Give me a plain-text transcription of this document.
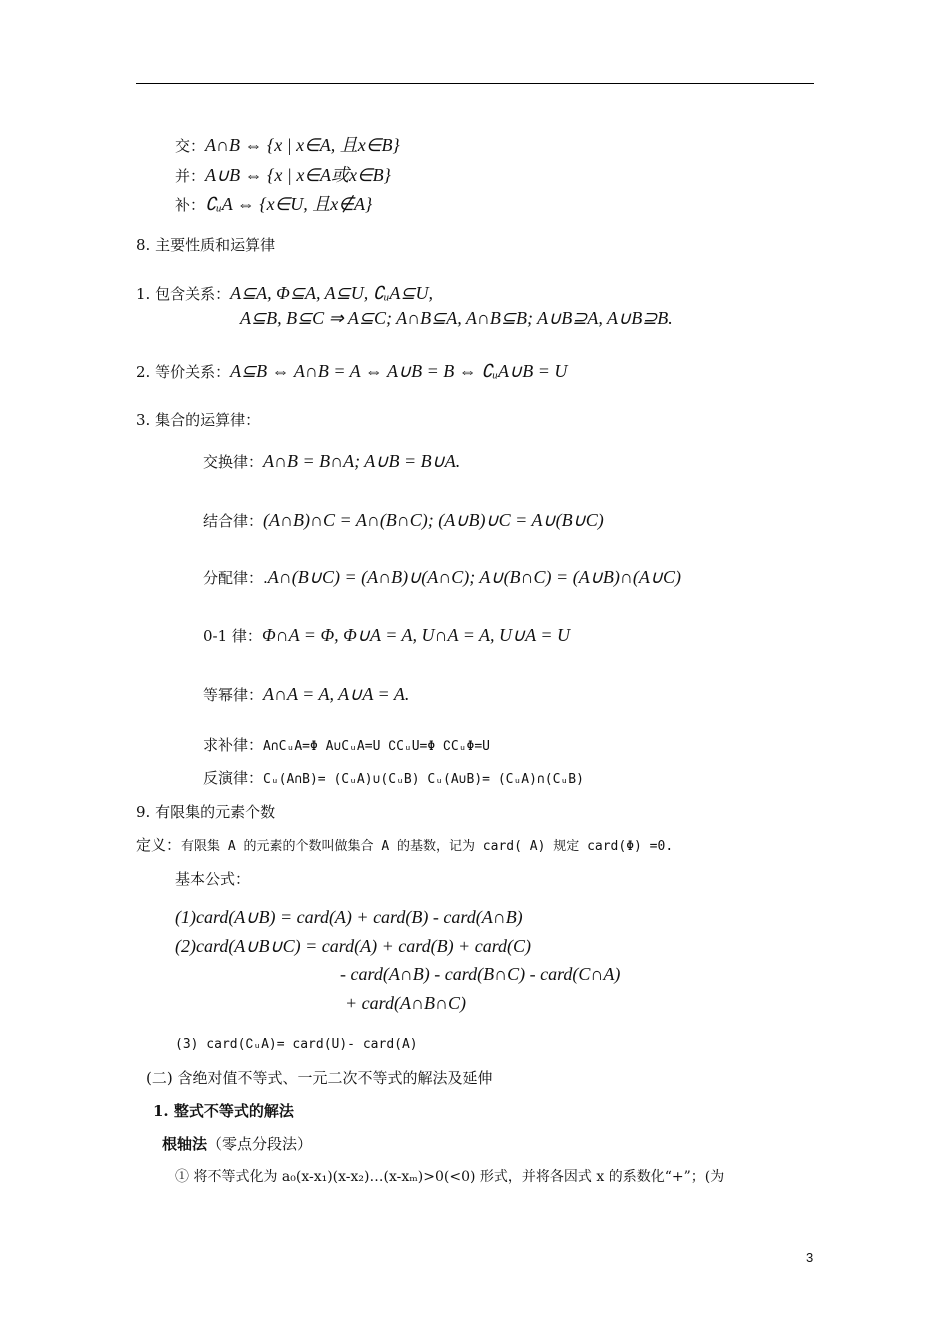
交：A∩B ⇔ {x | x∈A, 且x∈B}
并：A∪B ⇔ {x | x∈A或x∈B}
补：∁ᵤA ⇔ {x∈U, 且x∉A}
8. 主要性质和运算律
1. 包含关系：A⊆A, Φ⊆A, A⊆U, ∁ᵤA⊆U,
A⊆B, B⊆C ⇒ A⊆C; A∩B⊆A, A∩B⊆B; A∪B⊇A, A∪B⊇B.
2. 等价关系：A⊆B ⇔ A∩B = A ⇔ A∪B = B ⇔ ∁ᵤA∪B = U
3. 集合的运算律：
交换律：A∩B = B∩A; A∪B = B∪A.
结合律：(A∩B)∩C = A∩(B∩C); (A∪B)∪C = A∪(B∪C)
分配律：.A∩(B∪C) = (A∩B)∪(A∩C); A∪(B∩C) = (A∪B)∩(A∪C)
0-1 律：Φ∩A = Φ, Φ∪A = A, U∩A = A, U∪A = U
等幂律：A∩A = A, A∪A = A.
求补律：A∩CᵤA=Φ A∪CᵤA=U ∁CᵤU=Φ ∁CᵤΦ=U
反演律：Cᵤ(A∩B)= (CᵤA)∪(CᵤB) Cᵤ(A∪B)= (CᵤA)∩(CᵤB)
9. 有限集的元素个数
定义：有限集 A 的元素的个数叫做集合 A 的基数，记为 card( A) 规定 card(Φ) =0.
基本公式：
(1)card(A∪B) = card(A) + card(B) - card(A∩B)
(2)card(A∪B∪C) = card(A) + card(B) + card(C)
- card(A∩B) - card(B∩C) - card(C∩A)
+ card(A∩B∩C)
(3) card(∁ᵤA)= card(U)- card(A)
(二) 含绝对值不等式、一元二次不等式的解法及延伸
1. 整式不等式的解法
根轴法（零点分段法）
① 将不等式化为 a₀(x-x₁)(x-x₂)…(x-xₘ)>0(<0) 形式，并将各因式 x 的系数化“+”；(为
3
